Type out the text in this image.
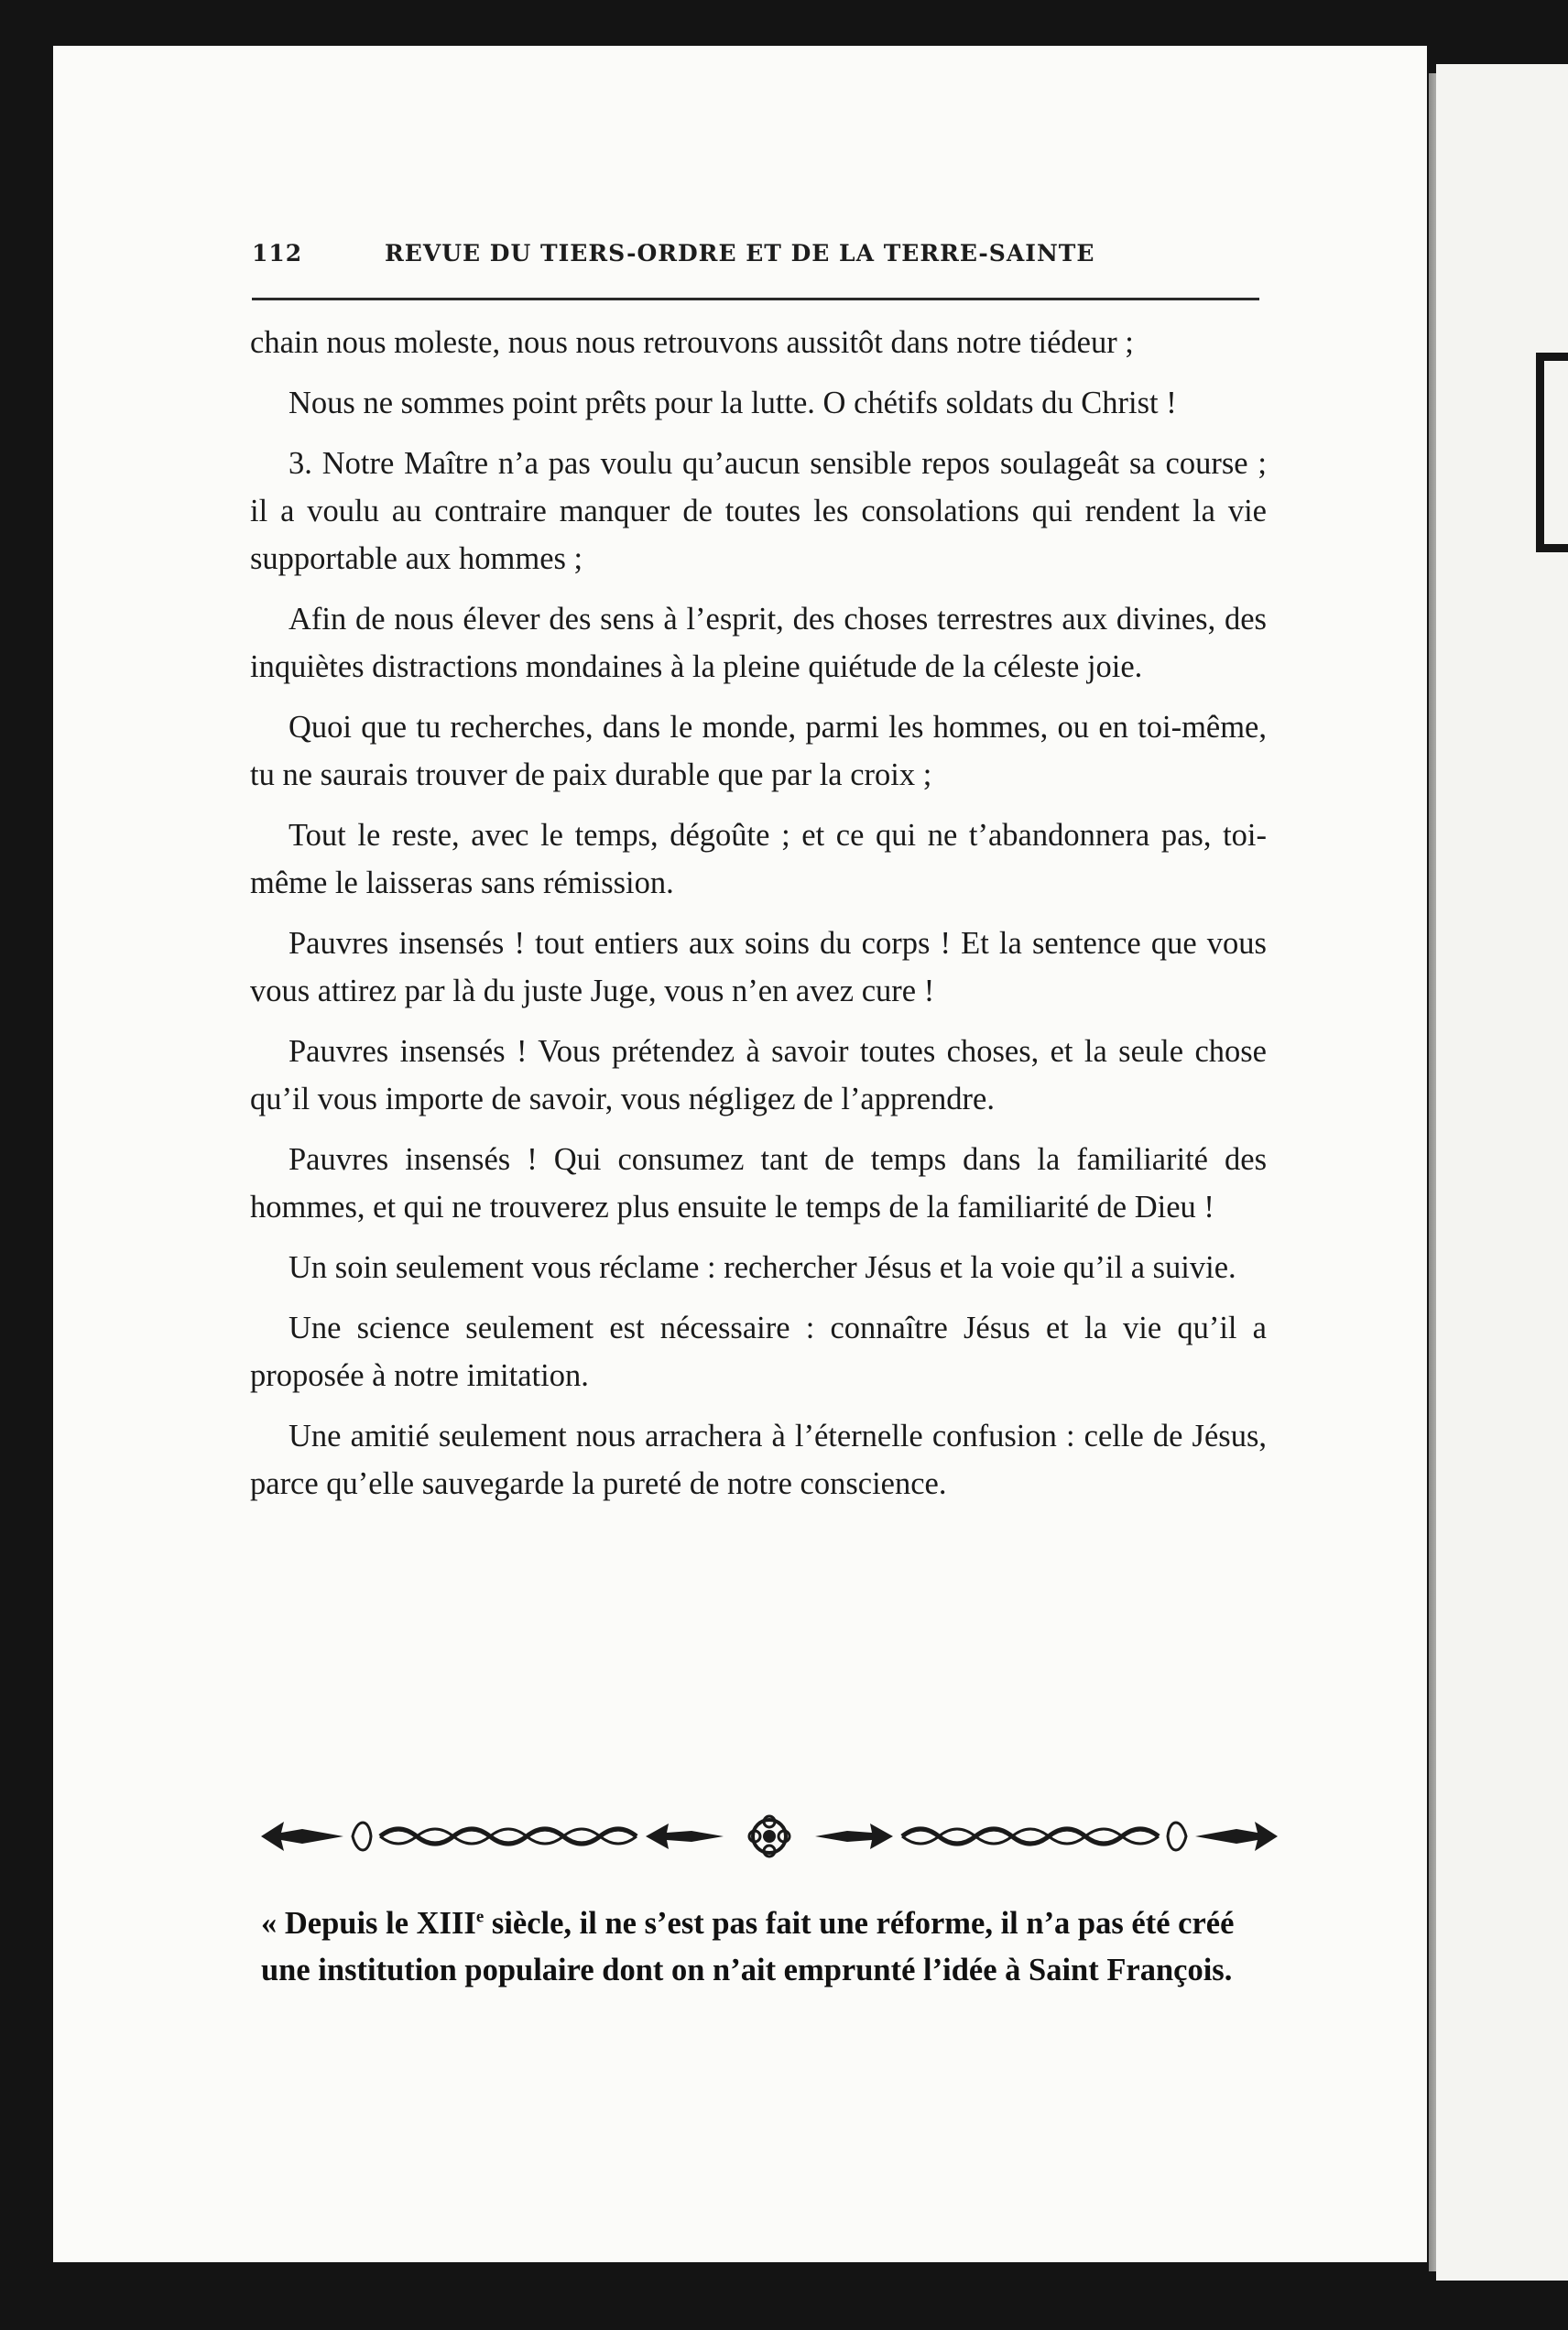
112	REVUE DU TIERS-ORDRE ET DE LA TERRE-SAINTE

chain nous moleste, nous nous retrouvons aussitôt dans notre tiédeur ;

Nous ne sommes point prêts pour la lutte. O chétifs soldats du Christ !

3. Notre Maître n’a pas voulu qu’aucun sensible repos soulageât sa course ; il a voulu au contraire manquer de toutes les consolations qui rendent la vie supportable aux hommes ;

Afin de nous élever des sens à l’esprit, des choses terrestres aux divines, des inquiètes distractions mondaines à la pleine quiétude de la céleste joie.

Quoi que tu recherches, dans le monde, parmi les hommes, ou en toi-même, tu ne saurais trouver de paix durable que par la croix ;

Tout le reste, avec le temps, dégoûte ; et ce qui ne t’abandonnera pas, toi-même le laisseras sans rémission.

Pauvres insensés ! tout entiers aux soins du corps ! Et la sentence que vous vous attirez par là du juste Juge, vous n’en avez cure !

Pauvres insensés ! Vous prétendez à savoir toutes choses, et la seule chose qu’il vous importe de savoir, vous négligez de l’apprendre.

Pauvres insensés ! Qui consumez tant de temps dans la familiarité des hommes, et qui ne trouverez plus ensuite le temps de la familiarité de Dieu !

Un soin seulement vous réclame : rechercher Jésus et la voie qu’il a suivie.

Une science seulement est nécessaire : connaître Jésus et la vie qu’il a proposée à notre imitation.

Une amitié seulement nous arrachera à l’éternelle confusion : celle de Jésus, parce qu’elle sauvegarde la pureté de notre conscience.

« Depuis le XIIIe siècle, il ne s’est pas fait une réforme, il n’a pas été créé une institution populaire dont on n’ait emprunté l’idée à Saint François.
